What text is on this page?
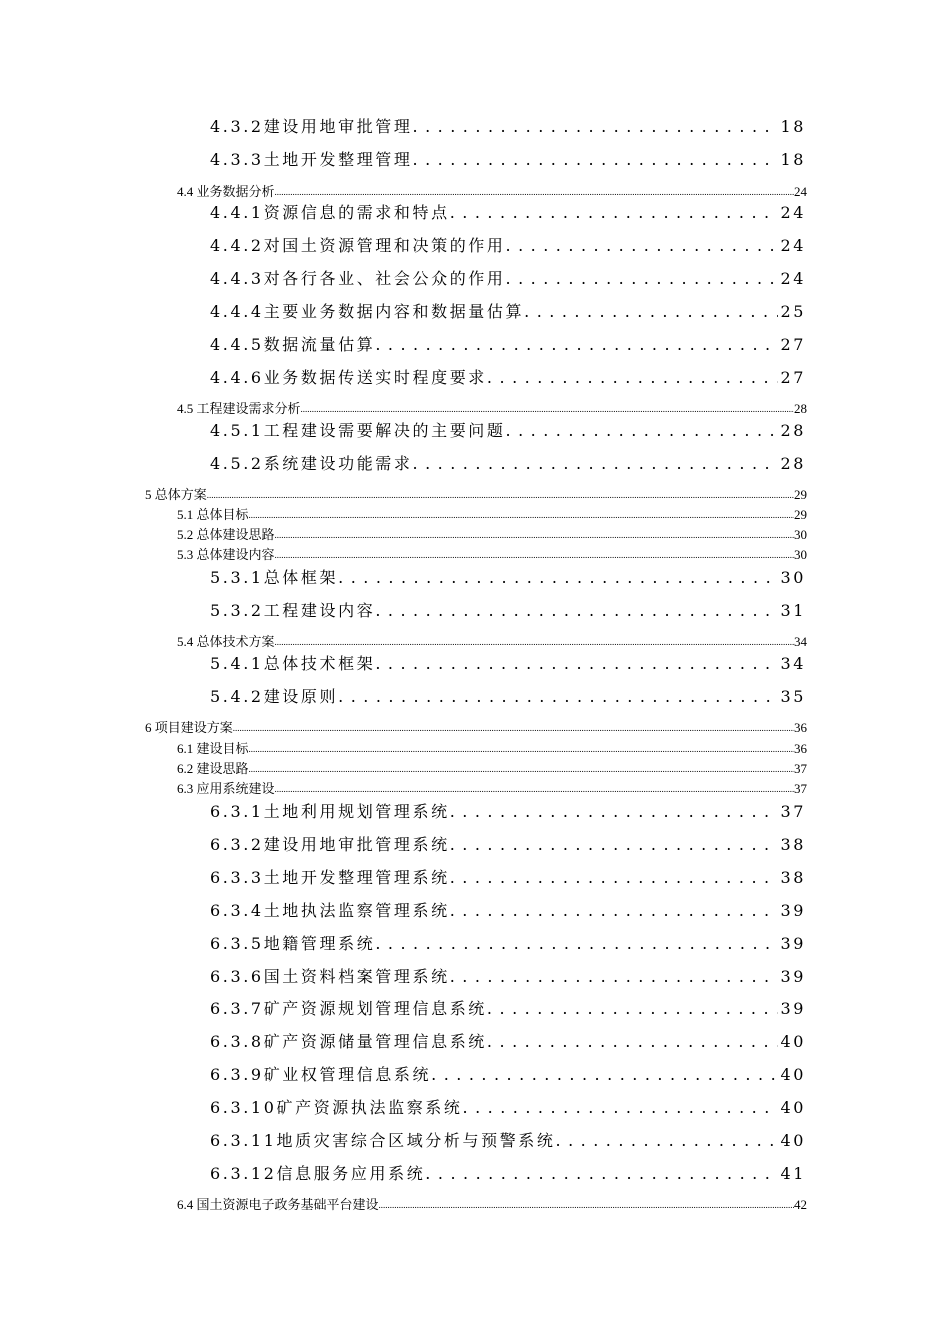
4.3.2建设用地审批管理 . . .	18
4.3.3土地开发整理管理 . . .	18
4.4 业务数据分析 .....	24
4.4.1资源信息的需求和特点 . . .	24
4.4.2对国土资源管理和决策的作用 . . .	24
4.4.3对各行各业、社会公众的作用 . . .	24
4.4.4主要业务数据内容和数据量估算 . . .	25
4.4.5数据流量估算 . . .	27
4.4.6业务数据传送实时程度要求 . . .	27
4.5 工程建设需求分析 .....	28
4.5.1工程建设需要解决的主要问题 . . .	28
4.5.2系统建设功能需求 . . .	28
5 总体方案 .....	29
5.1 总体目标 .....	29
5.2 总体建设思路 .....	30
5.3 总体建设内容 .....	30
5.3.1总体框架 . . .	30
5.3.2工程建设内容 . . .	31
5.4 总体技术方案 .....	34
5.4.1总体技术框架 . . .	34
5.4.2建设原则 . . .	35
6 项目建设方案 .....	36
6.1 建设目标 .....	36
6.2 建设思路 .....	37
6.3 应用系统建设 .....	37
6.3.1土地利用规划管理系统 . . .	37
6.3.2建设用地审批管理系统 . . .	38
6.3.3土地开发整理管理系统 . . .	38
6.3.4土地执法监察管理系统 . . .	39
6.3.5地籍管理系统 . . .	39
6.3.6国土资料档案管理系统 . . .	39
6.3.7矿产资源规划管理信息系统 . . .	39
6.3.8矿产资源储量管理信息系统 . . .	40
6.3.9矿业权管理信息系统 . . .	40
6.3.10矿产资源执法监察系统 . . .	40
6.3.11地质灾害综合区域分析与预警系统 . . .	40
6.3.12信息服务应用系统 . . .	41
6.4 国土资源电子政务基础平台建设 .....	42
